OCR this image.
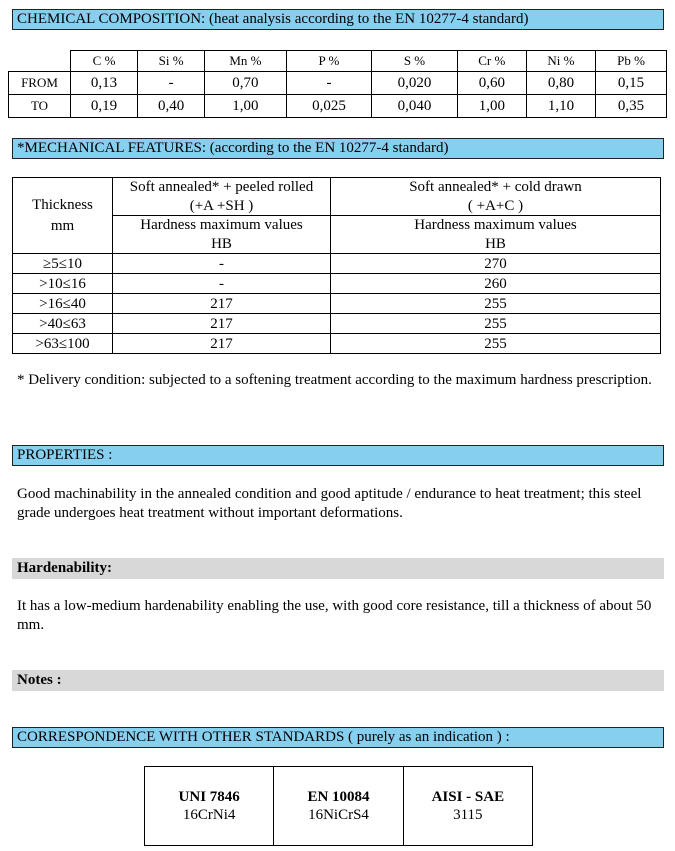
CHEMICAL COMPOSITION: (heat analysis according to the EN 10277-4 standard)
	C %	Si %	Mn %	P %	S %	Cr %	Ni %	Pb %
FROM	0,13	-	0,70	-	0,020	0,60	0,80	0,15
TO	0,19	0,40	1,00	0,025	0,040	1,00	1,10	0,35
*MECHANICAL FEATURES: (according to the EN 10277-4 standard)
Thickness
mm	Soft annealed* + peeled rolled	Soft annealed* + cold drawn
	(+A +SH )	( +A+C )
	Hardness maximum values	Hardness maximum values
	HB	HB
≥5≤10	-	270
>10≤16	-	260
>16≤40	217	255
>40≤63	217	255
>63≤100	217	255
* Delivery condition: subjected to a softening treatment according to the maximum hardness prescription.
PROPERTIES :
Good machinability in the annealed condition and good aptitude / endurance to heat treatment; this steel grade undergoes heat treatment without important deformations.
Hardenability:
It has a low-medium hardenability enabling the use, with good core resistance, till a thickness of about 50 mm.
Notes :
CORRESPONDENCE WITH OTHER STANDARDS ( purely as an indication ) :
UNI 7846
16CrNi4

EN 10084
16NiCrS4

AISI - SAE
3115
